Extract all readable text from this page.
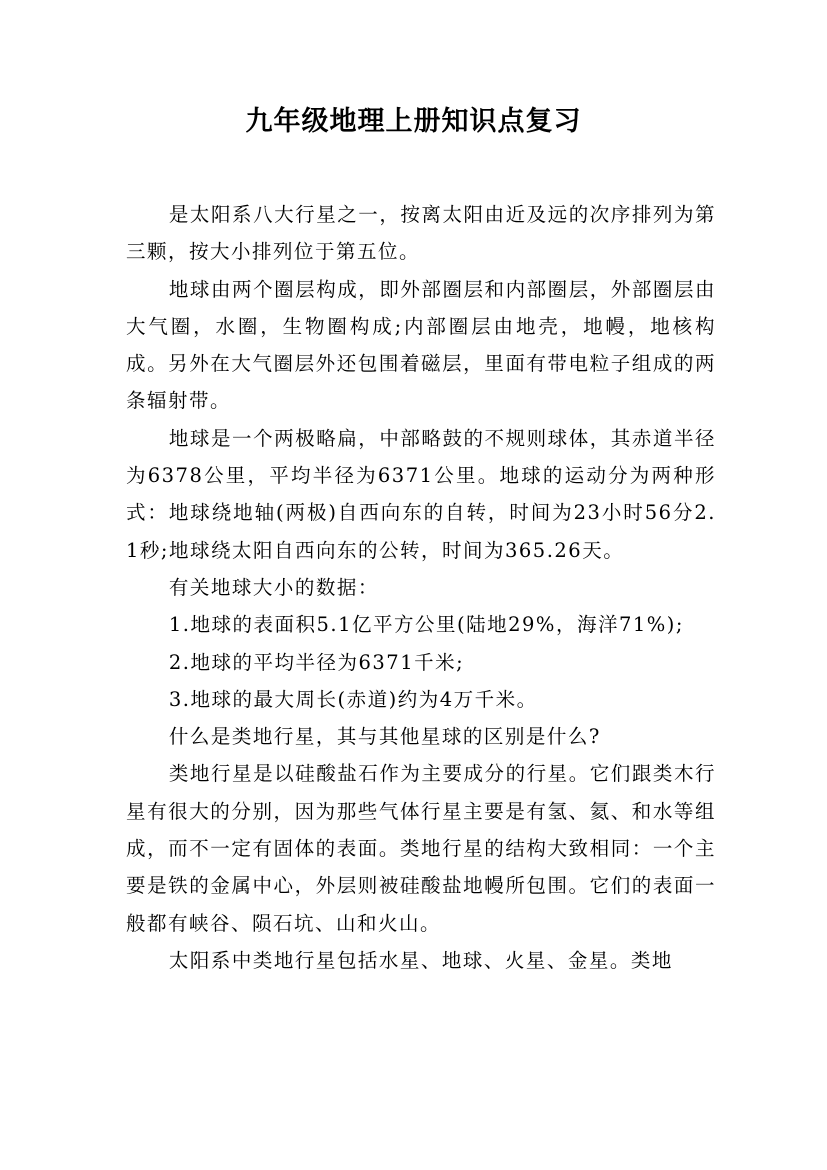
九年级地理上册知识点复习

是太阳系八大行星之一，按离太阳由近及远的次序排列为第三颗，按大小排列位于第五位。

地球由两个圈层构成，即外部圈层和内部圈层，外部圈层由大气圈，水圈，生物圈构成;内部圈层由地壳，地幔，地核构成。另外在大气圈层外还包围着磁层，里面有带电粒子组成的两条辐射带。

地球是一个两极略扁，中部略鼓的不规则球体，其赤道半径为6378公里，平均半径为6371公里。地球的运动分为两种形式：地球绕地轴(两极)自西向东的自转，时间为23小时56分2.1秒;地球绕太阳自西向东的公转，时间为365.26天。

有关地球大小的数据：

1.地球的表面积5.1亿平方公里(陆地29%，海洋71%);

2.地球的平均半径为6371千米;

3.地球的最大周长(赤道)约为4万千米。

什么是类地行星，其与其他星球的区别是什么?

类地行星是以硅酸盐石作为主要成分的行星。它们跟类木行星有很大的分别，因为那些气体行星主要是有氢、氦、和水等组成，而不一定有固体的表面。类地行星的结构大致相同：一个主要是铁的金属中心，外层则被硅酸盐地幔所包围。它们的表面一般都有峡谷、陨石坑、山和火山。

太阳系中类地行星包括水星、地球、火星、金星。类地
